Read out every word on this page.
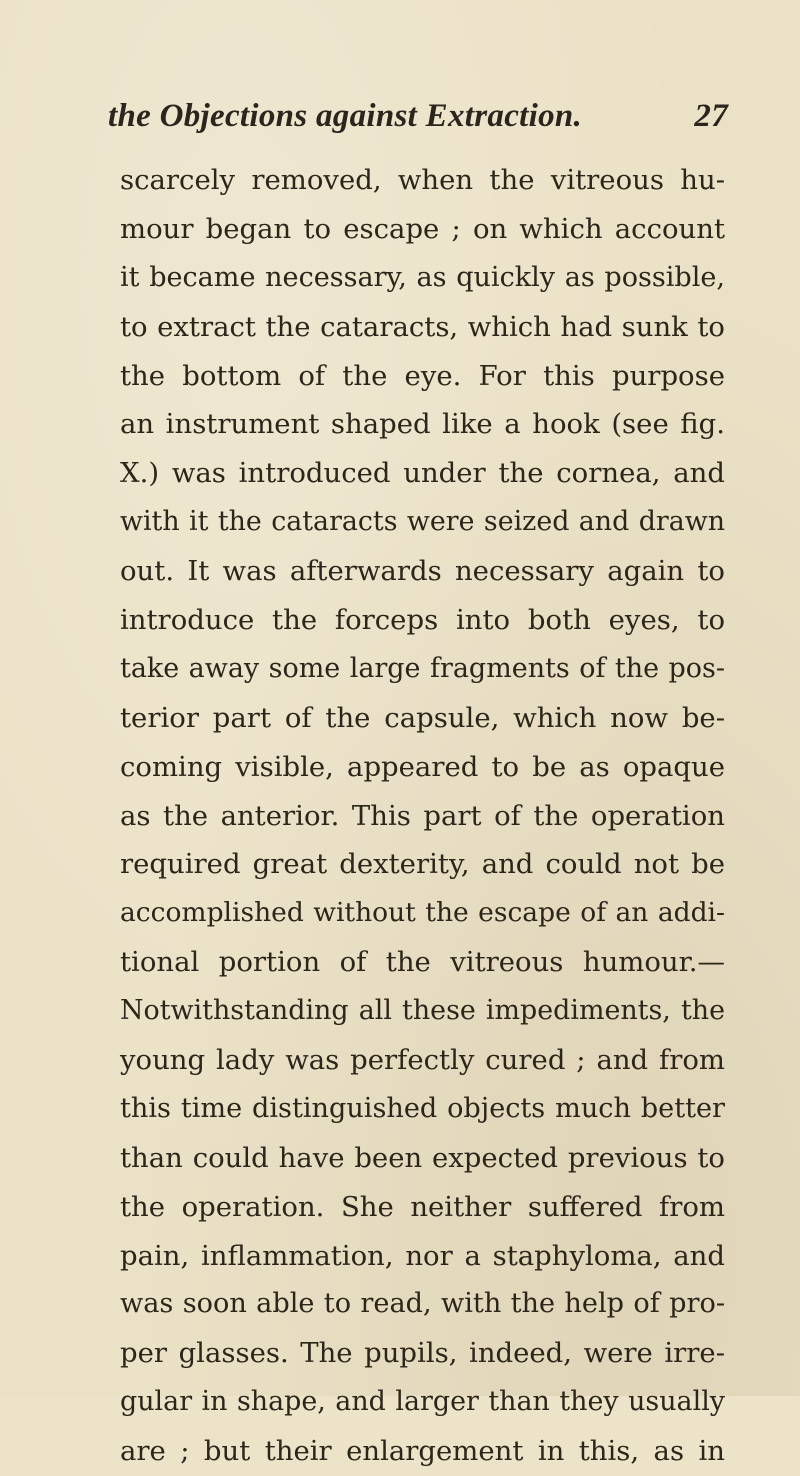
the Objections against Extraction.	27
scarcely removed, when the vitreous hu-
mour began to escape ; on which account
it became necessary, as quickly as possible,
to extract the cataracts, which had sunk to
the bottom of the eye. For this purpose
an instrument shaped like a hook (see fig.
X.) was introduced under the cornea, and
with it the cataracts were seized and drawn
out. It was afterwards necessary again to
introduce the forceps into both eyes, to
take away some large fragments of the pos-
terior part of the capsule, which now be-
coming visible, appeared to be as opaque
as the anterior. This part of the operation
required great dexterity, and could not be
accomplished without the escape of an addi-
tional portion of the vitreous humour.—
Notwithstanding all these impediments, the
young lady was perfectly cured ; and from
this time distinguished objects much better
than could have been expected previous to
the operation. She neither suffered from
pain, inflammation, nor a staphyloma, and
was soon able to read, with the help of pro-
per glasses. The pupils, indeed, were irre-
gular in shape, and larger than they usually
are ; but their enlargement in this, as in
